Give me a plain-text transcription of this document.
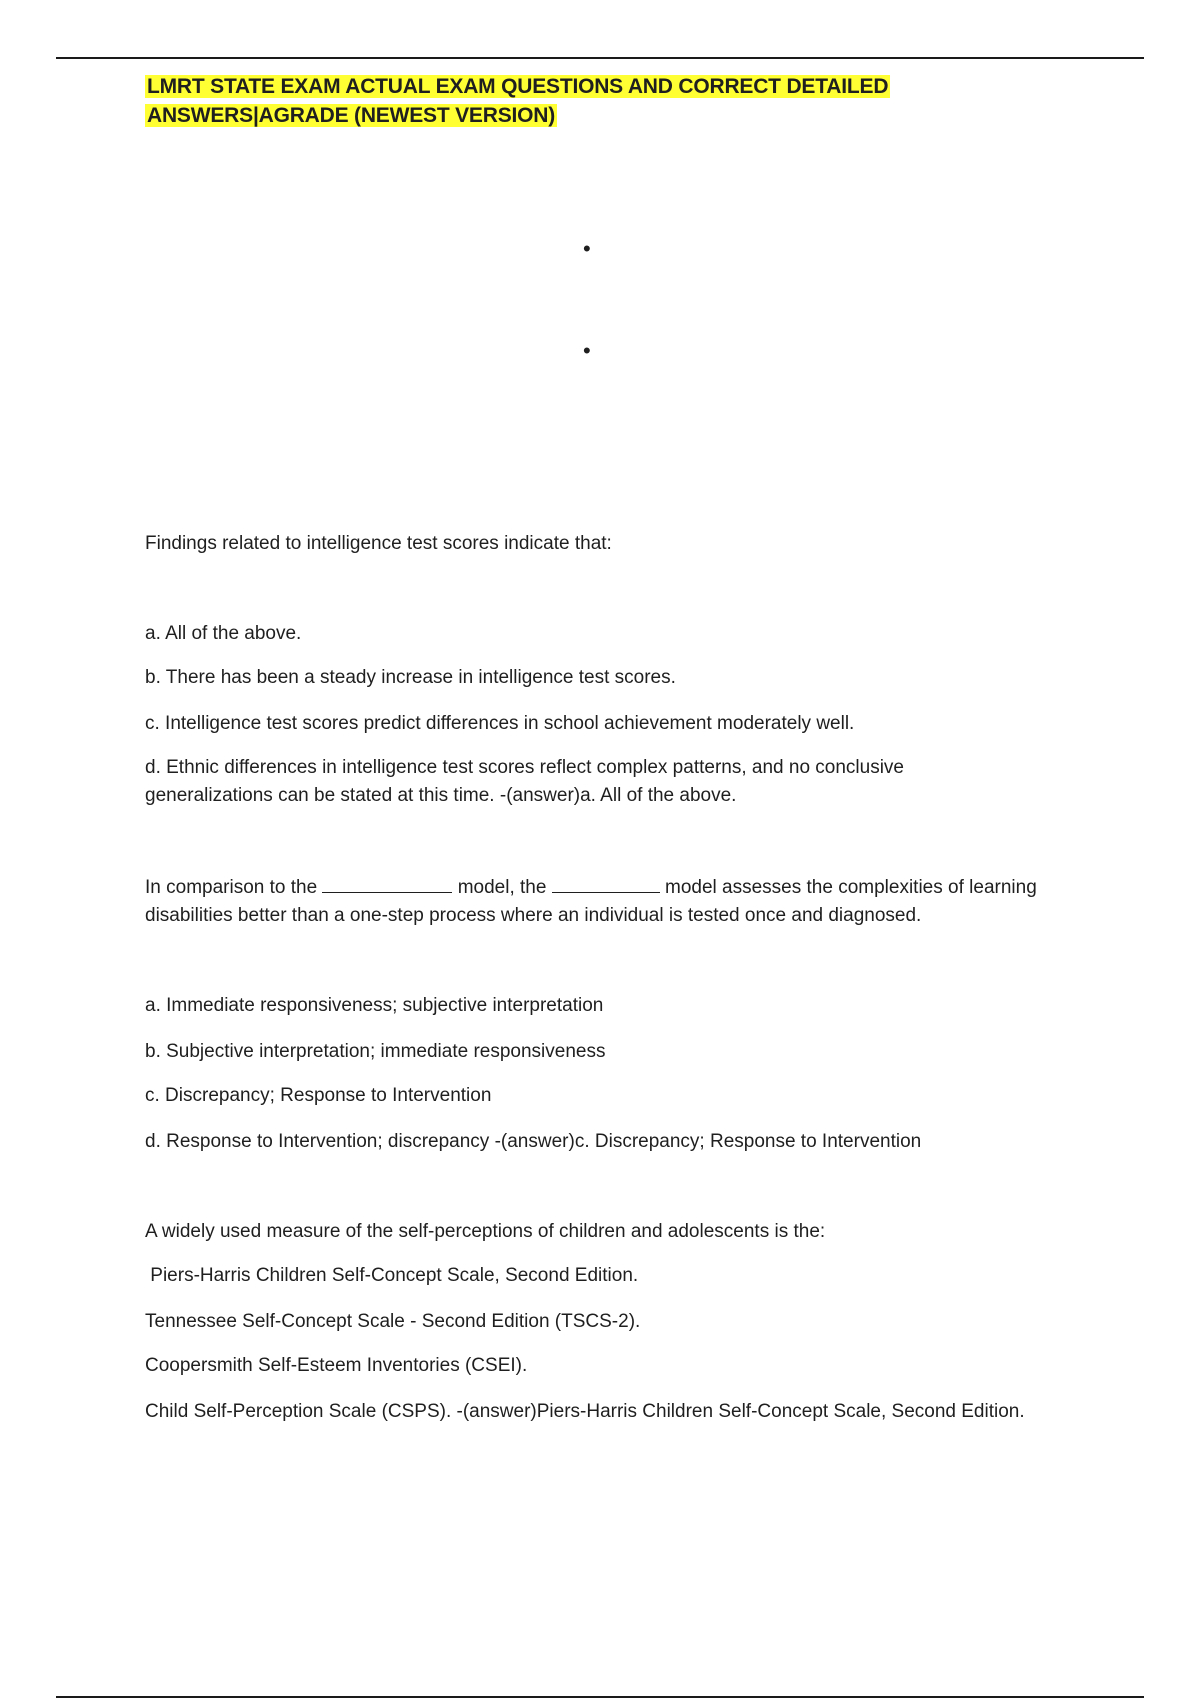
LMRT STATE EXAM ACTUAL EXAM QUESTIONS AND CORRECT DETAILED
ANSWERS|AGRADE (NEWEST VERSION)
•
•

Findings related to intelligence test scores indicate that:

a. All of the above.

b. There has been a steady increase in intelligence test scores.

c. Intelligence test scores predict differences in school achievement moderately well.

d. Ethnic differences in intelligence test scores reflect complex patterns, and no conclusive generalizations can be stated at this time. -(answer)a. All of the above.

In comparison to the	model, the	model assesses the complexities of learning disabilities better than a one-step process where an individual is tested once and diagnosed.

a. Immediate responsiveness; subjective interpretation

b. Subjective interpretation; immediate responsiveness

c. Discrepancy; Response to Intervention

d. Response to Intervention; discrepancy -(answer)c. Discrepancy; Response to Intervention

A widely used measure of the self-perceptions of children and adolescents is the:

Piers-Harris Children Self-Concept Scale, Second Edition.

Tennessee Self-Concept Scale - Second Edition (TSCS-2).

Coopersmith Self-Esteem Inventories (CSEI).

Child Self-Perception Scale (CSPS). -(answer)Piers-Harris Children Self-Concept Scale, Second Edition.
